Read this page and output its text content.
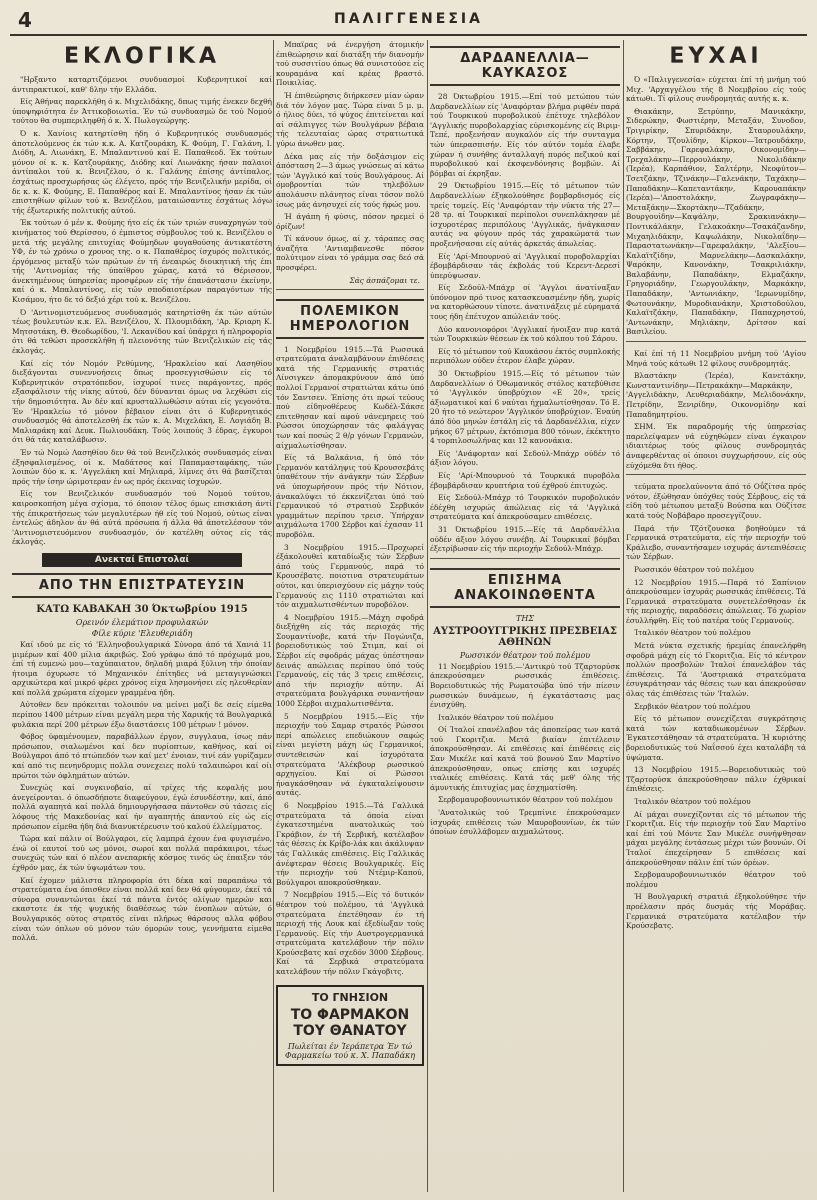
4	ΠΑΛΙΓΓΕΝΕΣΙΑ
ΕΚΛΟΓΙΚΑ

"Ηρξαντο καταρτιζόμενοι συνδυασμοί Κυβερνητικοί καί άντιπρακτικοί, καθ' δλην τήν Ελλάδα.

Είς Άθήνας παρεκλήθη ό κ. Μιχελιδάκης, δπως τιμής ένεκεν δεχθή ύποψηφιότητα έν Άττικοβοιωτία. Έν τώ συνδυασμώ δε τού Νομού τούτου θα συμπεριληφθή ό κ. Χ. Πωλογεώργης.

Ό κ. Χανίοις κατηρτίσθη ήδη ό Κυβερνητικός συνδυασμός άποτελούμενος έκ τών κ.κ. Α. Κατζουράκη, Κ. Φούμη, Γ. Γαλάνη, Ι. Διόδη, Α. Λιωνάκη, Ε. Μπαλαντινού καί Ε. Παπαθεοδ. Έκ τούτων μόνον οί κ. κ. Κατζουράκης, Διόδης καί Λιωνάκης ήσαν παλαιοί άντίπαλοι τού κ. Βενιζέλου, ό κ. Γαλάνης έπίσης άντίπαλος, έσχάτως προσχωρήσας ώς έλέγετο, πρός τήν Βενιζελικήν μερίδα, οί δε κ. κ. Κ. Φούμης, Ε. Παπαθέρος καί Ε. Μπαλαντίνος ήσαν έκ τών επιστηθίων φίλων τού κ. Βενιζέλου, ματαιώσαντες έσχάτως λόγω τής έξωτερικής πολιτικής αύτού.

Έκ τούτων ό μέν κ. Φούμης ήτο είς έκ τών τριών συναχρηγών τού κινήματος τού Θερίσσου, ό έμπιστος σύμβουλος τού κ. Βενιζέλου ο μετά τής μεγάλης επιτυχίας Φούμηδων φυγαθούσης άντικατέστη ΥΦ, έν τώ χρόνω ο χρονος της. ο κ. Παπαθέρος ίσχυρός πολιτικός, έργόμενος μεταξύ τών πρώτων έν τή ένεαιρώς διοικητική τής έπι τής 'Αντινομίας τής ύπαίθρου χώρας, κατά τό Θέρισσον, άνεκτημένους ύπηρεσίας προσφέρων είς τήν έπανάστασιν έκείνην, καί ό κ. Μπαλαντίνος, είς τών σποδαιοτέρων παραγόντων τής Κισάμου, ήτο δε τό δεξιό χέρι τού κ. Βενιζέλου.

Ό 'Αντινομιστευόμενος συνδυασμός κατηρτίσθη έκ τών αύτών τέως βουλευτών κ.κ. Ελ. Βενιζέλου, Χ. Πλουμιδάκη, 'Αρ. Κριαρη Κ. Μητσοτάκη, Θ. Θεοδωρίδου, 'Ι. Λεκανίδου καί ύπάρχει ή πληροφορία ότι θά τεθώσι προσεκλήθη ή πλειονότης τών Βενιζελικών είς τάς έκλογάς.

Καί είς τόν Νομόν Ρεθύμνης, 'Ηρακλείου καί Λασηθίου διεξάγονται συνεννοήσεις δπως προσεγγισθώσιν είς τό Κυβερνητικόν στρατόπεδον, ίσχυροί τινες παράγοντες, πρός εξασφάλισιν τής νίκης αύτού, δέν δύνανται όμως να λεχθώσι είς τήν δημοσιότητα. Άν δέν καί κρυσταλλωθώσιν αύται είς γεγονότα. Έν 'Ηρακλείω τό μόνον βέβαιον είναι ότι ό Κυβερνητικός συνδυασμός θά άποτελεσθή έκ τών κ. Α. Μιχελάκη, Ε. Λογιάδη Β. Μαλιαράκη καί Δευκ. Πωλιουδάκη. Τούς λοιπούς 3 έδρας, έγκυροι ότι θά τάς καταλάβωσιν.

Έν τώ Νομώ Λασηθίου δεν θά τού Βενιζελικός συνδυασμός είναι έξησφαλισμένος, οί κ. Μαδάτσος καί Παπαμασταφάκης, τών λοιπών δύο κ. κ. 'Αγγελάκη καί Μηλιαρά, λίμνες ότι θά βασίζεται πρός τήν ίσην ώριμοτεραν έν ως πρός έκεινας ίσχυρών.

Είς τον Βενιζελικόν συνδυασμόν τού Νομού τούτου, καιροσκοπήση μέγα σχίσμα, τό όποιον τέλος όμως επισκιάση άντί τής έπικρατήσεως τών μεγαλυτέρων ήθ είς τού Νομού, ούτως είναι έντελώς άδηλον άν θά αύτά πρόσωπα ή άλλα θά άποτελέσουν τόν 'Αντινομιστευόμενον συνδυασμόν, όν κατέλθη ούτος είς τάς έκλογάς.

Ανεκταί Επιστολαί
ΑΠΟ ΤΗΝ ΕΠΙΣΤΡΑΤΕΥΣΙΝ
ΚΑΤΩ ΚΑΒΑΚΑΗ 30 Όκτωβρίου 1915
Ορεινόν έλεμάτιον προφυλακών
Φίλε κύριε 'Ελευθεριάδη

Καί ιδού με είς τό 'Ελληνοβουλγαρικά Σύνορα άπό τά Χανιά 11 μιμέρων καί 400 μίλια άκριβώς. Σού γράφω άπό τό πρόχωμά μου, έπί τή ευμενώ μου—ταχύπαιατον, δηλαδή μιαρά ξύλινη τήν όποίαν ήτοιμα όχυρωσε τό Μηχανικόν έπίτηδες νά μεταγιγνώσκει αρχικώτερα καί μικρό φέρει χρόνος είχα λησμονήσει είς ηλευθερίαν καί πολλά χρώματα είχομεν γραμμένα ήδη.

Αύτοθεν δεν πρόκειται τολοιπόν να μείνει μαζί δε σείς είμεθα περίπου 1400 μέτρων είναι μεγάλη μερα τής Χαρικής τά Βουλγαρικά φυλάκια περί 200 μέτρων έξω διαστάσεις 100 μέτρων ! μόνον.

Φόβος ύφαμένουμεν, παραβάλλων έργον, συγγλαυα, ίσως πάν πρόσωπον, σιαλωμένοι καί δεν πυρίοπτων, καθήνος, καί οί Βούλγαροι άπό τό πτώπεδόν των καί μετ' ένοιαν, τινί εάν γυρίζαμεν καί από τις πενηνδρυμις πολλα συνεχειες πολύ ταλαιπώροι καί οίι πρώτοι τών όφλημάτων αύτών.

Συνεχώς καί συγκινοβαίο, αί τρίχες τής κεφαλής μου άνεγείρονται. ό όπωσδήποτε διαφεύγουν, έγώ έσυνδέστην, καί, άπό πολλά αγαπητά καί πολλά δημιουργήσασα πάντοθεν σύ τάσεις είς λόφους τής Μακεδονίας καί ήν αγαπητής άπαντού είς ώς είς πρόσωπον είμεθα ήδη διά διανυκτέρευσιν τού καλού έλλείμματος.

Τώρα καί πάλιν οί Βούλγαροι, είς λαμπρά έχουν ένα φυγισμένο, ένώ οί εαυτοί τού ως μόνοι, σωροί και πολλά παράκαιροι, τέως συνεχώς τών καί ό πλέον ανεπαρκής κόσμος τινός ώς έπαιξεν τόν έχθρόν μας, έκ τών ύψωμάτων του.

Καί έχομεν μάλιστα πληροφορία ότι δέκα καί παραπάνω τά στρατεύματα ένα όπισθεν είναι πολλά καί δεν θά φύγουμεν, έκεί τά σύνορα συναντώνται έκεί τά πάντα έντός ολίγων ημερών και εκαστοτε έκ τής ψυχικής διαθέσεως τών ένοπλων αύτών, ό Βουλγαρικός ούτος στρατός είναι πλήρως θάρσους αλλα φόβου είναι τών όπλων ού μόνον τών όμορών τους, γεννήματα είμεθα πολλά.

Μπαϊρας νά ένεργήση άτομικήν έπιθεώρησιν καί διατάξη τήν διανομήν τού συσσιτίου όπως θά συνιστούσε είς κουραμάνα καί κρέας βραστό. Ποικιλίας.

Ή έπιθεώρησις διήρκεσεν μίαν ώραν διά τόν λόγον μας. Τώρα είναι 5 μ. μ. ό ήλιος δύει, τό ψύχος έπιτείνεται καί αί σάλπιγγες τών Βουλγάρων βέβαια τής τελευταίας ώρας στρατιωτικά γύρω άνωθεν μας.

Δέκα μας είς τήν δοξάσιμον είς άπόσταση 2—3 άμως γνώσεως αί κάτω τών 'Αγγλικό καί τούς Βουλγάρους. Αί όμοβροντίαι τών τηλεβόλων άπολάυσιν πλάνητος είναι τόσον πολύ ίσως μάς άνησυχεί είς τούς ήφώς μου.

Ή άγάπη ή φύσις, πόσον ηρεμεί ό όρίζων!

Τί κάνουν όμως, αί χ. τάραπες σας άναζήτα 'Αντιαμβανεσθε πόσον πολύτιμον είναι τό γράμμα σας δεό σά προσφέρει.

Σάς άσπάζομαι τε.
ΠΟΛΕΜΙΚΟΝ ΗΜΕΡΟΛΟΓΙΟΝ

1 Νοεμβρίου 1915.—Τά Ρωσσικά στρατεύματα άναλαμβάνουν έπιθέσεις κατά τής Γερμανικής στρατιάς Λίνσιγκεν άπομακρύνουν άπό ύπό πολλοί Γερμανοί στρατιώται κάτω ύπό τόν Σαντσεν. Έπίσης ότι πρωί τεύους πού είδηνοθέρευς Κωδέλ-Σάκσε επιτεθησαν καί αφού νάνεμηρεις τού Ρώσσοι ύποχώρησαν τάς φαλάγγας των καί ποσώς 2 θ/ρ γόνων Γερμανών, αίχμαλωτίσθησαν.

Είς τά Βαλκάνια, ή ύπό τόν Γερμανόν κατάληψις τού Κρουσσεβάτς ύπαθέτουν τήν άνάγκην τών Σέρβων νά ύποχωρήσουν πρός τήν Νότιον, άνακαλύψει τό έκκενίζεται ύπό τού Γερμανικού τό στρατιού Σερβικόν γραμμάτων περίπου τρεισ. Ύπήρχαν αιχμάλωτα 1700 Σέρβοι καί έχασαν 11 πυροβόλα.

3 Νοεμβρίου 1915.—Προχωρεί έξάκολουθεί καταδίωξις τών Σέρβων άπό τούς Γερμανούς, παρά τό Κρουσέβατς. ποιοτινα στρατευμάτων ούτοι, και ύπερισχύουν είς μάχην τούς Γερμανούς εις 1110 στρατιώται καί τόν αιχμαλωτισθέντων πυροβόλον.

4 Νοεμβρίου 1915.—Μάχη σφοδρά διεξήχθη είς τάς περιοχάς τής Σουμαντίνοβε, κατά τήν Πογώνιζα, βορειοδυτικώς τού Στιμπ, καί οί Σέρβοι είς σφοδράς μάχας ύπέστησαν δεινάς απώλειας περίπου ύπό τούς Γερμανούς, είς τάς 3 τρεις επιθέσεις, άπό τήν περιοχήν αύτην. Αί στρατεύματα βουλγάρικα συναντήσαν 1000 Σέρβοι αιχμαλωτισθέντα.

5 Νοεμβρίου 1915.—Είς τήν περιοχήν τού Σαμαρ στρατός Ρώσσοι περί απώλειες επεδιώκουν σαφώς είναι μεγίστη μάχη ώς Γερμανικοί, συντεθεισών καί ίσχυρότατα στρατεύματα 'Αλέκβουρ ρωσσικού αρχηγείου. Καί οί Ρώσσοι ήναγκάσθησαν νά έγκαταλείψουσιν αυτάς.

6 Νοεμβρίου 1915.—Τά Γαλλικά στρατεύματα τά όποία είναι έγκατεστημένα ανατολικώς τού Γκράβιον, έν τή Σερβική, κατέλαβον τάς θέσεις έκ Κρίβο-λάκ και άκάλυψαν τάς Γαλλικάς επιθέσεις. Είς Γαλλικάς άνέφτεραν θέσεις Βουλγαρικές. Είς τήν περιοχήν τού Ντέμιρ-Καπού, Βούλγαροι αποκρούσθηκαν.

7 Νοεμβρίου 1915.—Είς τό δυτικόν θέατρον τού πολέμου, τά 'Αγγλικά στρατεύματα έπετέθησαν έν τή περιοχή τής Λουκ καί έξεδίωξαν τούς Γερμανούς. Είς τήν Αυστρογερμανικά στρατεύματα κατελάβουν τήν πόλιν Κρούσεβατς καί σχεδόν 3000 Σέρβους. Καί τά Σερβικά στρατεύματα κατελάβουν τήν πόλιν Γκάγοβιτς.

ΤΟ ΓΝΗΣΙΟΝ
ΤΟ ΦΑΡΜΑΚΟΝ ΤΟΥ ΘΑΝΑΤΟΥ
Πωλείται έν Ίεράπετρα Έν τώ Φαρμακείω τού κ. Χ. Παπαδάκη
ΔΑΡΔΑΝΕΛΛΙΑ—ΚΑΥΚΑΣΟΣ

28 Όκτωβρίου 1915.—Επί τού μετώπου τών Δαρδανελλίων είς 'Αναφόρταν βλήμα ριφθέν παρά τού Τουρκικού πυροβολικού έπέτυχε τηλεβόλον 'Αγγλικής πυροβολαρχίας εύρισκομένης είς Βιριμ-Τεπέ, προξενήσαν αυγκαλόν είς τήν συνταγμα τών ύπερασπισήν. Είς τόν αύτόν τομέα έλαβε χώραν ή συνήθης άνταλλαγή πυρός πεζικού καί πυροβολικού καί έκσφενδόνησις βομβών. Αί βόμβαι αί έκρηξαν.

29 Όκτωβρίου 1915.—Είς τό μέτωπον τών Δαρδανελλίων έξηκολούθησε βομβαρδισμός είς τρείς τομείς. Είς 'Αναφόρταν τήν νύκτα τής 27—28 τρ. αί Τουρκικαί περίπολοι συνεπλάκησαν μέ ίσχυροτέρας περιπόλους 'Αγγλικάς, ήνάγκασαν αυτάς να φύγουν πρός τάς χαρακώματά των προξενήσασαι είς αύτάς άρκετάς άπωλείας.

Είς 'Αρί-Μπουρνού αί 'Αγγλικαί πυροβολαρχίαι έβομβάρδισαν τάς έκβολάς τού Κερεντ-Δερεσί ύπερύψωσαν.

Είς Σεδούλ-Μπάχρ οί 'Αγγλοι άνατίναξαν ύπόνομον πρό τινος κατασκευασμένην ήδη, χωρίς να κατορθώσουν τίποτε. άνατινάξεις μέ εύρηματά τους ήδη έπέτυχον απώλειάν τούς.

Δύο κανονιοφόροι 'Αγγλικαί ήνοιξαν πυρ κατά τών Τουρκικών θέσεων έκ τού κόλπου τού Σάρου.

Είς τό μέτωπον τού Καυκάσου έκτός συμπλοκής περιπόλων ούδεν έτερον έλαβε χώραν.

30 Όκτωβρίου 1915.—Είς τό μέτωπον τών Δαρδανελλίων ό Όθωμανικός στόλος κατεβύθισε τό 'Αγγλικόν ύποβρύχιον «Ε 20», τρείς άξιωματικοί καί 6 ναύται ήχμαλωτίσθησαν. Τό Ε. 20 ήτο τό νεώτερον 'Αγγλικόν ύποβρύχιον. Έναύη άπό δύο μηνών έστάλη είς τά Δαρδανέλλια, είχεν μήκος 67 μέτρων, έκτόπισμα 800 τόνων, έκέκτητο 4 τορπιλοσωλήνας και 12 κανονάκια.

Είς 'Ανάφορταν καί Σεδούλ-Μπάχρ ούδέν τό άξιον λόγου.

Είς 'Αρί-Μπουρνού τά Τουρκικά πυροβόλα έβομβάρδισαν κρυπτήρια τού έχθρού έπιτυχώς.

Είς Σεδούλ-Μπάχρ τό Τουρκικόν πυροβολικόν έδέχθη ισχυρώς άπώλειας είς τά 'Αγγλικά στρατεύματα καί άπεκρούσαμεν επιθέσεις.

31 Όκτωβρίου 1915.—Είς τά Δαρδανέλλια ούδέν άξιον λόγου συνέβη. Αί Τουρκικαί βόμβαι έξετρίβωσαν είς τήν περιοχήν Σεδούλ-Μπάχρ.

ΕΠΙΣΗΜΑ ΑΝΑΚΟΙΝΩΘΕΝΤΑ
ΤΗΣ
ΑΥΣΤΡΟΟΥΓΓΡΙΚΗΣ ΠΡΕΣΒΕΙΑΣ ΑΘΗΝΩΝ
Ρωσσικόν θέατρον τού πολέμου

11 Νοεμβρίου 1915.—'Αντικρύ τού Τζαρτορύσκ άπεκρούσαμεν ρωσσικάς έπιθέσεις. Βορειοδυτικώς τής Ρωματσώβα ύπό τήν πίεσιν ρωσσικών δυνάμεων, ή έγκατάστασις μας ένισχύθη.

Ιταλικόν θέατρον τού πολέμου

Οί Ίταλοί επανέλαβον τάς άποπείρας των κατά τού Γκοριτζια. Μετά βιαίαν έπιτέλεσιν άποκρούσθησαν. Αί επιθέσεις καί έπιθέσεις είς Σαν Μικέλε καί κατά τού βουνού Σαν Μαρτίνο άπεκρούσθησαν, οπως επίσης και ισχυρές ιταλικές επιθέσεις. Κατά τάς μεθ' όλης τής άμυντικής έπιτυχίας μας έσχηματίσθη.

Σερβομαυροβουνιωτικόν θέατρον τού πολέμου

'Ανατολικώς τού Τρεμπίνιε έπεκρούσαμεν ίσχυράς επιθέσεις τών Μαυροβουνίων, έκ τών όποίων έσυλλάβομεν αιχμαλώτους.

ΕΥΧΑΙ

Ό «Παλιγγενεσία» εύχεται έπί τή μνήμη τού Μιχ. 'Αρχαγγέλου τής 8 Νοεμβρίου είς τούς κάτωθι. Τί φίλους συνδρομητάς αυτής κ. κ.

Θιακάκην, Ξετρύπην, Μανικάκην, Σιδερώκην, Φωστιέρην, Μεταξάν, Συνοδον, Τριγιρίκην, Σπυριδάκην, Σταυρουλάκην, Κόρτην, Τζουλίδην, Κίρκον—Ίατρουδάκην, Σαββάκην, Γαρεφαλάκην, Οικονομίδην—Τρεχαλάκην—Περρουλάκην, Νικολιδάκην (Ίερέα), Καρπάθιον, Σαλτέρην, Νεοφύτον—Τσετζάκην, Τζινάκην—Γαλενάκην, Ταχάκην—Παπαδάκην—Καπεταντάκην, Καρουαπάκην (Ίερέα)—'Αποστολάκην, Ζωγραφάκην—Μεταξάκην—Σκορτάκην—Τζαδάκην, Βουργουίδην—Καψάλην, Σρακιανάκην—Ποντικάλάκην, Γελακοάκην—Τσακάζανδην, Μιχαηλιδάκην, Καψωλάκην, Νικολαΐδην—Παραστατωνάκην—Γαρεφαλάκην, 'Αλεξίου—Καλαϊτζίδην, Μαρνελάκην—Δασκαλάκην, Ψαρόκην, Κανονάκην, Τσακριλιάκην, Βαλαβάνην, Παπαδάκην, Ελμαζάκην, Γρηγοριάδην, Γεωργουλάκην, Μαρκάκην, Παπαδάκην, 'Αντωνιάκην, 'Ιερωνυμίδην, Φωτουνάκην, Μυροδιανάκην, Χριστοδούλου, Καλαϊτζάκην, Παπαδάκην, Παπαχρηστού, 'Αντωνάκην, Μηλιάκην, Δρίτσον καί Βασιλείου.

Καί έπί τή 11 Νοεμβρίου μνήμη τού 'Αγίου Μηνά τούς κάτωθι 12 φίλους συνδρομητάς.

Βλαστάκην (Ίερέα), Κανετάκην, Κωνσταντινίδην—Πετρακάκην—Μαρκάκην, 'Αγγελιδάκην, Λευθεριαδάκην, Μελιδονάκην, Πετρίδην, Ξενιρίδην, Οικονομίδην καί Παπαδημητρίου.

ΣΗΜ. Έκ παραδρομής τής ύπηρεσίας παρελείψαμεν νά εύχηθώμεν είναι έγκαιρον ιδιαιτέρως τούς φίλους συνδρομητάς άναφερθέντας οί όποιοι συγχωρήσουν, είς ούς εύχόμεθα δτι ήθος.

τεύματα προελαύνοντα άπό τό Οΰζίτσα πρός νότον, έξώθησαν ύπόχθες τούς Σέρβους, είς τά είδη τού μέτωπου μεταξύ Βούσπα και Ούζίτσε κατά τούς Νοβάβαρο προσεγγίζουν.

Παρά τήν Τζότζουσκα βοηθούμεν τά Γερμανικά στρατεύματα, είς τήν περιοχήν τού Κράλιεβο, συναντήσαμεν ισχυράς άντεπιθέσεις τών Σέρβων.

Ρωσσικόν θέατρον τού πολέμου

12 Νοεμβρίου 1915.—Παρά τό Σαπίνιον άπεκρούσαμεν ίσχυράς ρωσσικάς έπιθέσεις. Τά Γερμανικά στρατεύματα συνετελέσθησαν έκ τής περιοχής, παραδόσεις άπώλειας. Τό χωρίον έσυλλήφθη. Είς τού πατέρα τούς Γερμανούς.

Ίταλικόν θέατρον τού πολέμου

Μετά νύκτα σχετικής ήρεμίας έπανελήφθη σφοδρά μάχη είς τό Γκοριτζια. Είς τό κέντρον πολλών προσβολών Ίταλοί έπανελάβον τάς έπιθέσεις. Τά 'Αυστριακά στρατεύματα έσυγκράτησαν τάς θέσεις των και άπεκρούσαν όλας τάς έπιθέσεις τών 'Ιταλών.

Σερβικόν θέατρον τού πολέμου

Είς τό μέτωπον συνεχίζεται συγκρότησις κατά τών καταδιωκομένων Σέρβων. Έγκατεστάθησαν τά στρατεύματα. Ή κυριότης βορειοδυτικώς τού Ναΐσσού έχει καταλάβη τά ύψώματα.

13 Νοεμβρίου 1915.—Βορειοδυτικώς τού Τζαρτορύσκ άπεκρούσθησαν πάλιν έχθρικαί έπιθέσεις.

Ίταλικόν θέατρον τού πολέμου

Αί μάχαι συνεχίζονται είς τό μέτωπον τής Γκοριτζια. Είς τήν περιοχήν τού Σαν Μαρτίνο καί έπί τού Μόντε Σαν Μικέλε συνήψθησαν μάχαι μεγάλης έντάσεως μέχρι τών βουνών. Οί Ίταλοί έπεχείρησαν 5 επιθέσεις καί άπεκρούσθησαν πάλιν έπί τών όρέων.

Σερβομαυροβουνιωτικόν θέατρον τού πολέμου

Ή Βουλγαρική στρατιά έξηκολούθησε τήν προέλασιν πρός δυσμάς τής Μοράβας. Γερμανικά στρατεύματα κατέλαβον τήν Κρούσεβατς.
